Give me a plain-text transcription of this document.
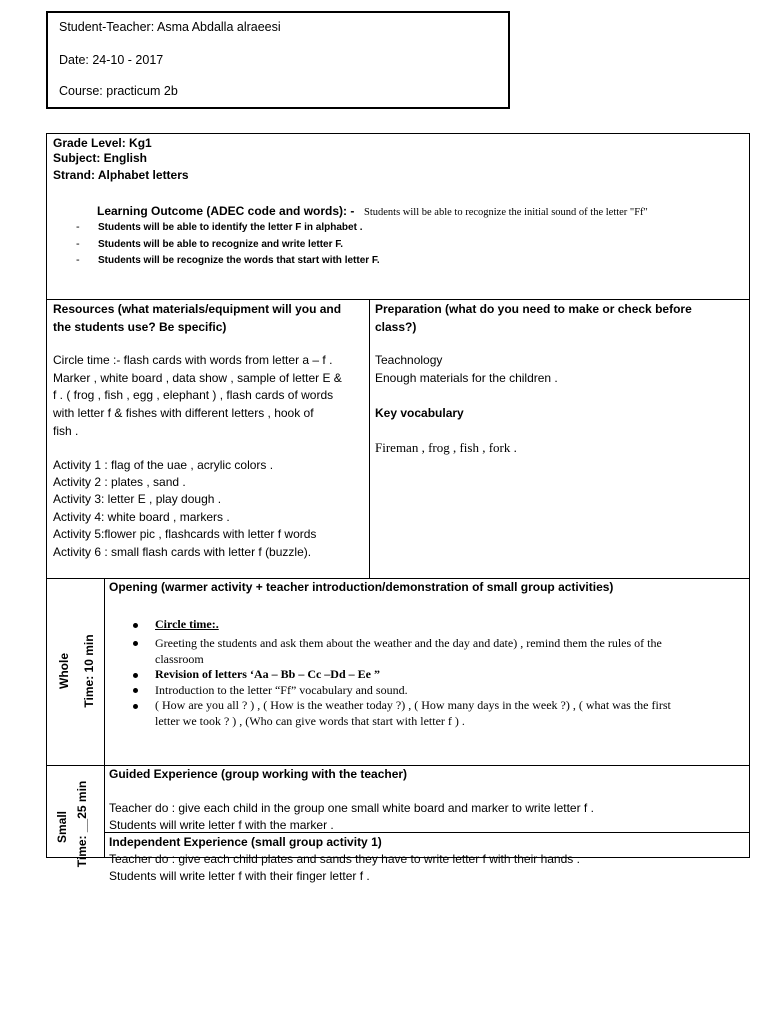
Student-Teacher: Asma Abdalla alraeesi
Date: 24-10 - 2017
Course: practicum 2b
Grade Level: Kg1
Subject: English
Strand: Alphabet letters
Learning Outcome (ADEC code and words): - Students will be able to recognize the initial sound of the letter "Ff"
- Students will be able to identify the letter F in alphabet .
- Students will be able to recognize and write letter F.
- Students will be recognize the words that start with letter F.
Resources (what materials/equipment will you and
the students use? Be specific)
Circle time :- flash cards with words from letter a – f .
Marker , white board , data show , sample of letter E &
f . ( frog , fish , egg , elephant ) , flash cards of words
with letter f & fishes with different letters , hook of
fish .
Activity 1 : flag of the uae , acrylic colors .
Activity 2 : plates , sand .
Activity 3: letter E , play dough .
Activity 4: white board , markers .
Activity 5:flower pic , flashcards with letter f words
Activity 6 : small flash cards with letter f (buzzle).
Preparation (what do you need to make or check before
class?)
Teachnology
Enough materials for the children .
Key vocabulary
Fireman , frog , fish , fork .
Whole Time: 10 min
Opening (warmer activity + teacher introduction/demonstration of small group activities)
Circle time:.
Greeting the students and ask them about the weather and the day and date) , remind them the rules of the
classroom
Revision of letters ‘Aa – Bb – Cc –Dd – Ee ”
Introduction to the letter “Ff” vocabulary and sound.
( How are you all ? ) , ( How is the weather today ?) , ( How many days in the week ?) , ( what was the first
letter we took ? ) , (Who can give words that start with letter f ) .
Small Time: __25 min
Guided Experience (group working with the teacher)
Teacher do : give each child in the group one small white board and marker to write letter f .
Students will write letter f with the marker .
Independent Experience (small group activity 1)
Teacher do : give each child plates and sands they have to write letter f with their hands .
Students will write letter f with their finger letter f .
